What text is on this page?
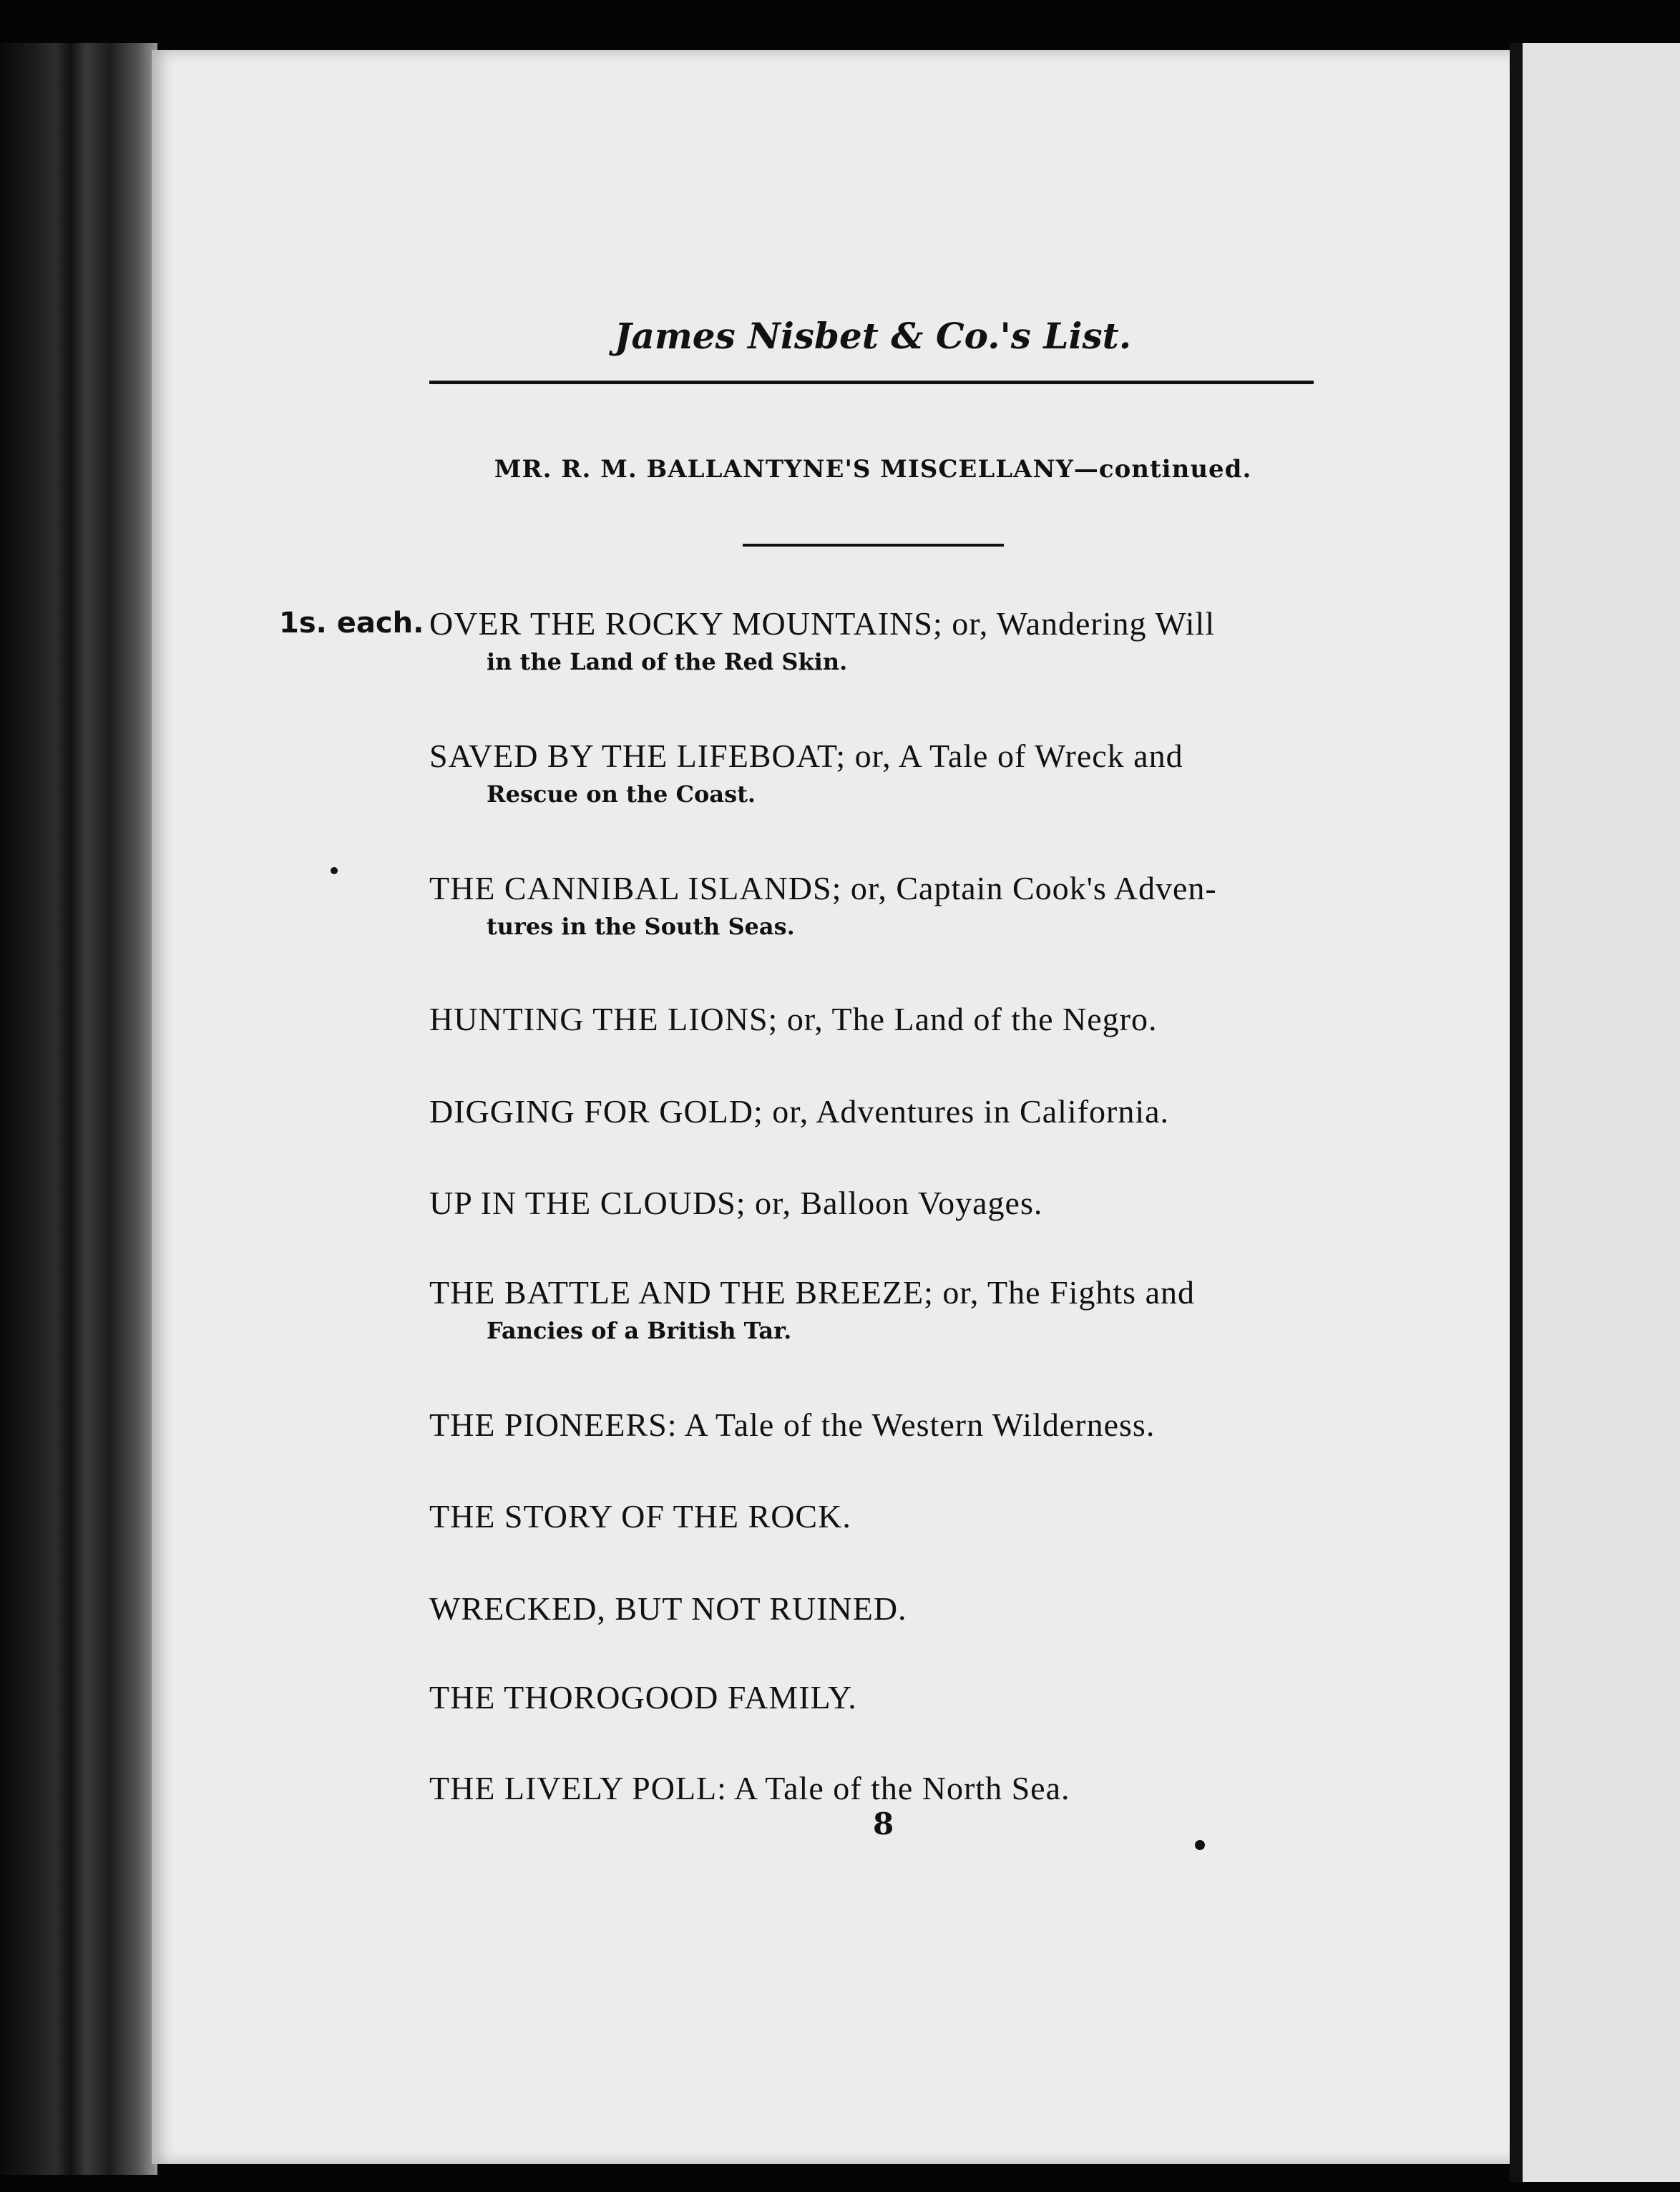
James Nisbet & Co.'s List.
MR. R. M. BALLANTYNE'S MISCELLANY—continued.
1s. each. OVER THE ROCKY MOUNTAINS; or, Wandering Will
in the Land of the Red Skin.
SAVED BY THE LIFEBOAT; or, A Tale of Wreck and
Rescue on the Coast.
THE CANNIBAL ISLANDS; or, Captain Cook's Adven-
tures in the South Seas.
HUNTING THE LIONS; or, The Land of the Negro.
DIGGING FOR GOLD; or, Adventures in California.
UP IN THE CLOUDS; or, Balloon Voyages.
THE BATTLE AND THE BREEZE; or, The Fights and
Fancies of a British Tar.
THE PIONEERS: A Tale of the Western Wilderness.
THE STORY OF THE ROCK.
WRECKED, BUT NOT RUINED.
THE THOROGOOD FAMILY.
THE LIVELY POLL: A Tale of the North Sea.
8
